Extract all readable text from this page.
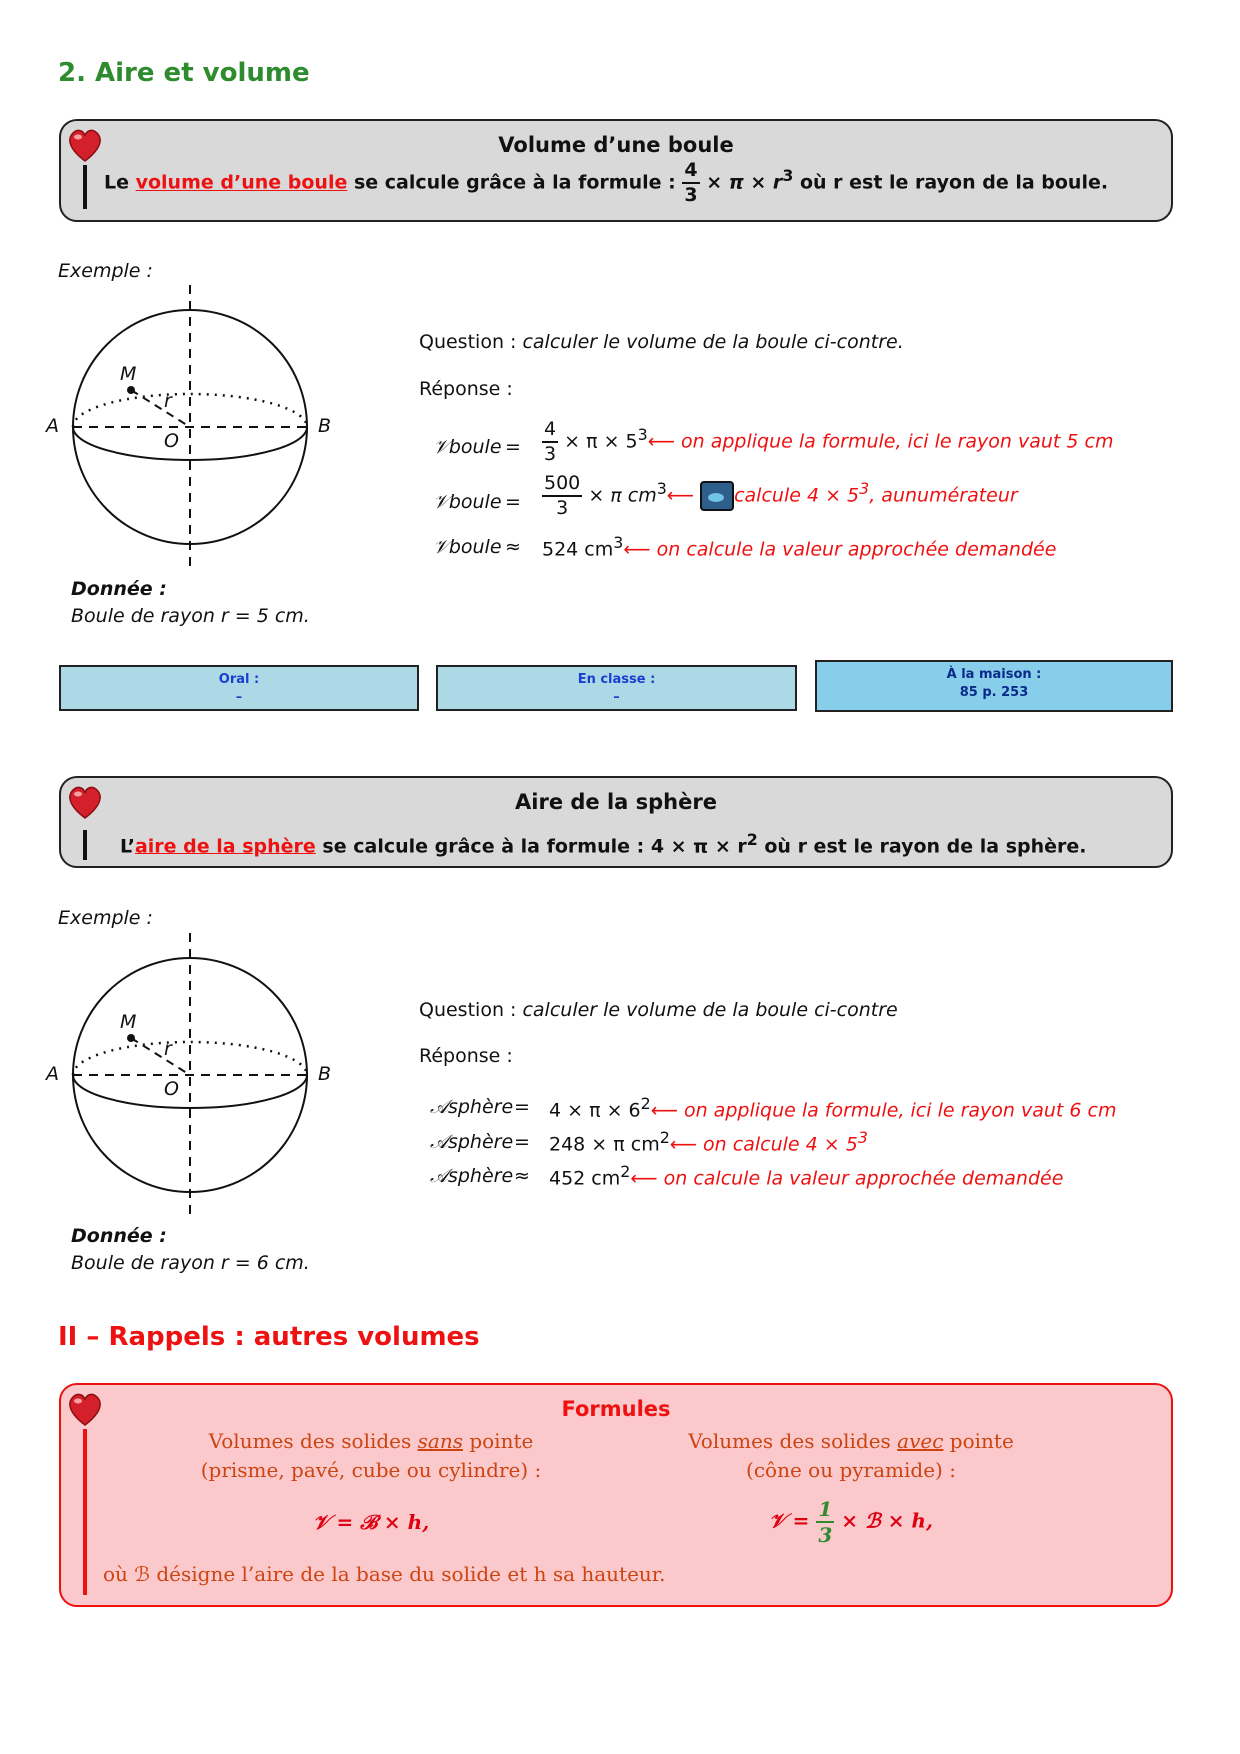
2. Aire et volume
Volume d’une boule
Le volume d’une boule se calcule grâce à la formule : $\frac{4}{3} \times \pi \times r^3$ où r est le rayon de la boule.
Exemple :
M
r
A	B
O
Question : calculer le volume de la boule ci-contre.
Réponse :
𝒱boule = $\frac{4}{3} \times \pi$ × $5^3⟵$ on applique la formule, ici le rayon vaut 5 cm
𝒱boule = $\frac{500}{3} \times \pi$ $cm^3⟵$ calcule $4 \times 5^3$, aunumérateur
𝒱boule ≈ 524 $cm^3⟵$ on calcule la valeur approchée demandée
Donnée :
Boule de rayon r = 5 cm.
Oral :
–
En classe :
–
À la maison :
85 p. 253
Aire de la sphère
L’aire de la sphère se calcule grâce à la formule : $4 \times \pi \times r^2$ où r est le rayon de la sphère.
Exemple :
M
r
A	B
O
Question : calculer le volume de la boule ci-contre
Réponse :
𝒜sphère = $4 \times \pi \times 6^2⟵$ on applique la formule, ici le rayon vaut 6 cm
𝒜sphère = 248 × π $cm^2⟵$ on calcule $4 \times 5^3$
𝒜sphère ≈ 452 $cm^2⟵$ on calcule la valeur approchée demandée
Donnée :
Boule de rayon r = 6 cm.
II – Rappels : autres volumes
Formules
Volumes des solides sans pointe
(prisme, pavé, cube ou cylindre) :
𝒱 = ℬ × h,
Volumes des solides avec pointe
(cône ou pyramide) :
𝒱 = $\frac{1}{3}$ × ℬ × h,
où ℬ désigne l’aire de la base du solide et h sa hauteur.
